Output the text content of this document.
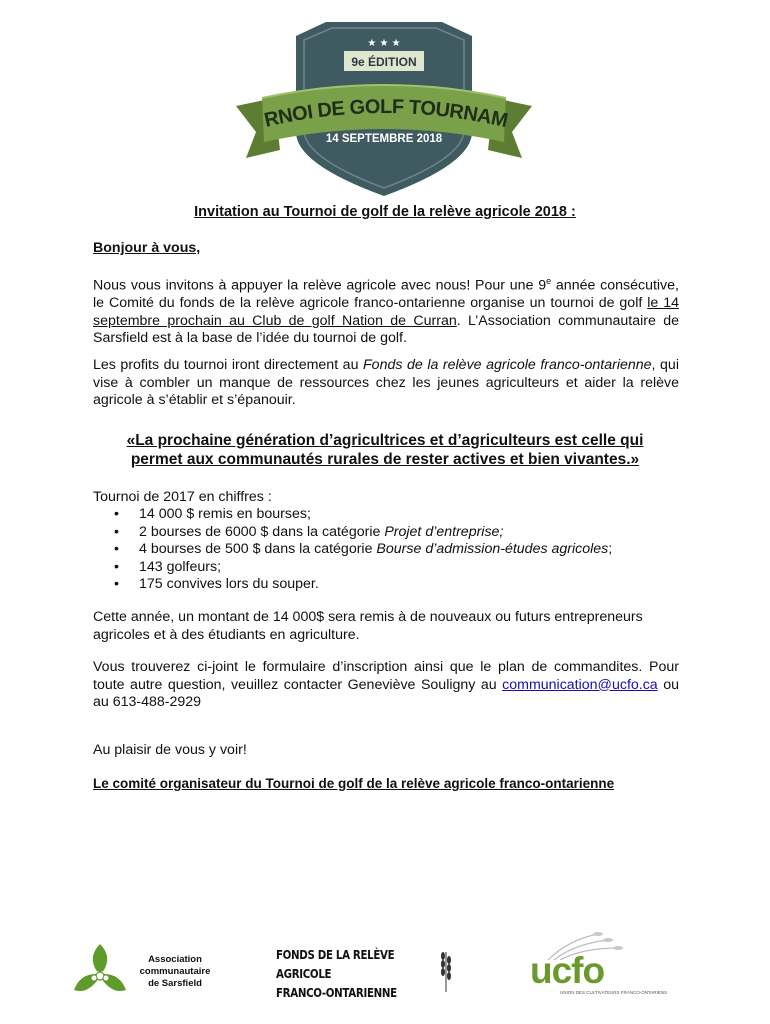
★ ★ ★
9e ÉDITION
RNOI DE GOLF TOURNAM
14 SEPTEMBRE 2018
Invitation au Tournoi de golf de la relève agricole 2018 :
Bonjour à vous,
Nous vous invitons à appuyer la relève agricole avec nous! Pour une 9e année consécutive, le Comité du fonds de la relève agricole franco-ontarienne organise un tournoi de golf le 14 septembre prochain au Club de golf Nation de Curran. L’Association communautaire de Sarsfield est à la base de l’idée du tournoi de golf.
Les profits du tournoi iront directement au Fonds de la relève agricole franco-ontarienne, qui vise à combler un manque de ressources chez les jeunes agriculteurs et aider la relève agricole à s’établir et s’épanouir.
«La prochaine génération d’agricultrices et d’agriculteurs est celle qui permet aux communautés rurales de rester actives et bien vivantes.»
Tournoi de 2017 en chiffres :
• 14 000 $ remis en bourses;
• 2 bourses de 6000 $ dans la catégorie Projet d’entreprise;
• 4 bourses de 500 $ dans la catégorie Bourse d’admission-études agricoles;
• 143 golfeurs;
• 175 convives lors du souper.
Cette année, un montant de 14 000$ sera remis à de nouveaux ou futurs entrepreneurs agricoles et à des étudiants en agriculture.
Vous trouverez ci-joint le formulaire d’inscription ainsi que le plan de commandites. Pour toute autre question, veuillez contacter Geneviève Souligny au communication@ucfo.ca ou au 613-488-2929
Au plaisir de vous y voir!
Le comité organisateur du Tournoi de golf de la relève agricole franco-ontarienne
Association
communautaire
de Sarsfield
FONDS DE LA RELÈVE AGRICOLE
FRANCO-ONTARIENNE
ucfo
UNION DES CULTIVATEURS FRANCO-ONTARIENS
